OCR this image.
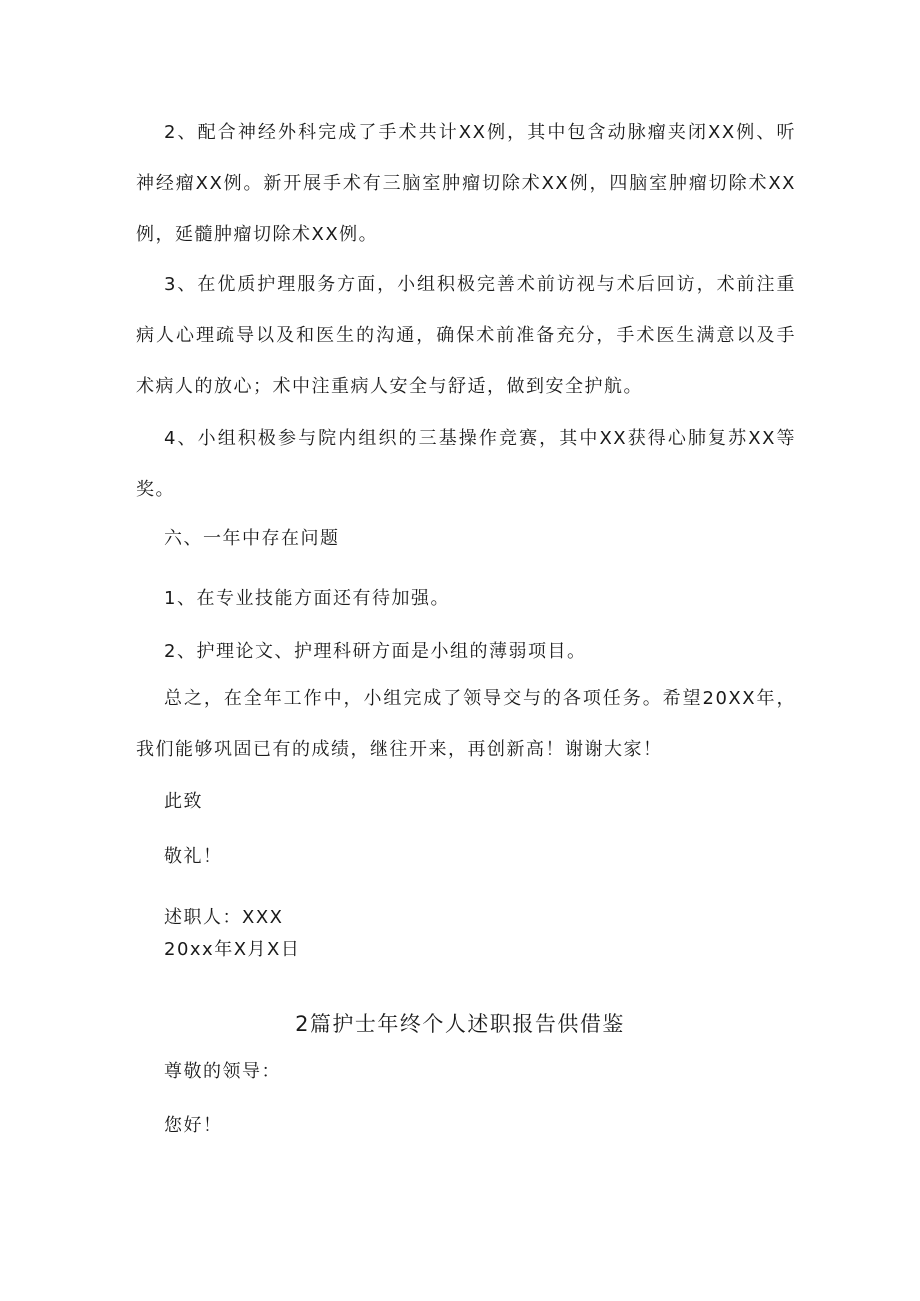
2、配合神经外科完成了手术共计XX例，其中包含动脉瘤夹闭XX例、听神经瘤XX例。新开展手术有三脑室肿瘤切除术XX例，四脑室肿瘤切除术XX例，延髓肿瘤切除术XX例。

3、在优质护理服务方面，小组积极完善术前访视与术后回访，术前注重病人心理疏导以及和医生的沟通，确保术前准备充分，手术医生满意以及手术病人的放心；术中注重病人安全与舒适，做到安全护航。

4、小组积极参与院内组织的三基操作竞赛，其中XX获得心肺复苏XX等奖。

六、一年中存在问题

1、在专业技能方面还有待加强。

2、护理论文、护理科研方面是小组的薄弱项目。

总之，在全年工作中，小组完成了领导交与的各项任务。希望20XX年，我们能够巩固已有的成绩，继往开来，再创新高！谢谢大家！

此致

敬礼！

述职人：XXX

20xx年X月X日

2篇护士年终个人述职报告供借鉴

尊敬的领导：

您好！
